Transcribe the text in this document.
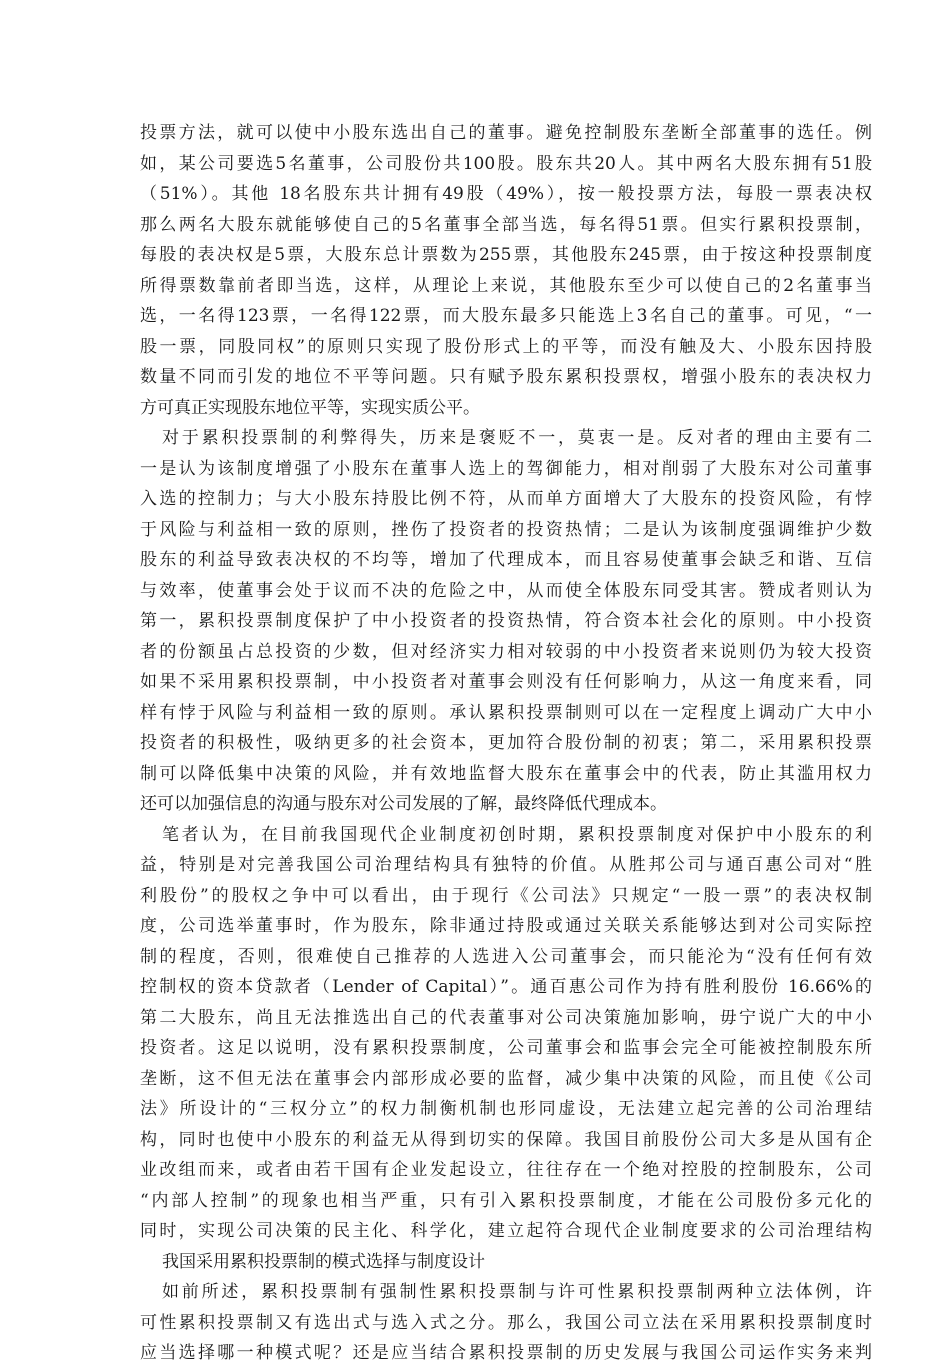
投票方法，就可以使中小股东选出自己的董事。避免控制股东垄断全部董事的选任。例
如，某公司要选5名董事，公司股份共100股。股东共20人。其中两名大股东拥有51股
（51%）。其他 18名股东共计拥有49股（49%），按一般投票方法，每股一票表决权
那么两名大股东就能够使自己的5名董事全部当选，每名得51票。但实行累积投票制，
每股的表决权是5票，大股东总计票数为255票，其他股东245票，由于按这种投票制度
所得票数靠前者即当选，这样，从理论上来说，其他股东至少可以使自己的2名董事当
选，一名得123票，一名得122票，而大股东最多只能选上3名自己的董事。可见，“一
股一票，同股同权”的原则只实现了股份形式上的平等，而没有触及大、小股东因持股
数量不同而引发的地位不平等问题。只有赋予股东累积投票权，增强小股东的表决权力
方可真正实现股东地位平等，实现实质公平。
对于累积投票制的利弊得失，历来是褒贬不一，莫衷一是。反对者的理由主要有二
一是认为该制度增强了小股东在董事人选上的驾御能力，相对削弱了大股东对公司董事
入选的控制力；与大小股东持股比例不符，从而单方面增大了大股东的投资风险，有悖
于风险与利益相一致的原则，挫伤了投资者的投资热情；二是认为该制度强调维护少数
股东的利益导致表决权的不均等，增加了代理成本，而且容易使董事会缺乏和谐、互信
与效率，使董事会处于议而不决的危险之中，从而使全体股东同受其害。赞成者则认为
第一，累积投票制度保护了中小投资者的投资热情，符合资本社会化的原则。中小投资
者的份额虽占总投资的少数，但对经济实力相对较弱的中小投资者来说则仍为较大投资
如果不采用累积投票制，中小投资者对董事会则没有任何影响力，从这一角度来看，同
样有悖于风险与利益相一致的原则。承认累积投票制则可以在一定程度上调动广大中小
投资者的积极性，吸纳更多的社会资本，更加符合股份制的初衷；第二，采用累积投票
制可以降低集中决策的风险，并有效地监督大股东在董事会中的代表，防止其滥用权力
还可以加强信息的沟通与股东对公司发展的了解，最终降低代理成本。
笔者认为，在目前我国现代企业制度初创时期，累积投票制度对保护中小股东的利
益，特别是对完善我国公司治理结构具有独特的价值。从胜邦公司与通百惠公司对“胜
利股份”的股权之争中可以看出，由于现行《公司法》只规定“一股一票”的表决权制
度，公司选举董事时，作为股东，除非通过持股或通过关联关系能够达到对公司实际控
制的程度，否则，很难使自己推荐的人选进入公司董事会，而只能沦为“没有任何有效
控制权的资本贷款者（Lender of Capital）”。通百惠公司作为持有胜利股份 16.66%的
第二大股东，尚且无法推选出自己的代表董事对公司决策施加影响，毋宁说广大的中小
投资者。这足以说明，没有累积投票制度，公司董事会和监事会完全可能被控制股东所
垄断，这不但无法在董事会内部形成必要的监督，减少集中决策的风险，而且使《公司
法》所设计的“三权分立”的权力制衡机制也形同虚设，无法建立起完善的公司治理结
构，同时也使中小股东的利益无从得到切实的保障。我国目前股份公司大多是从国有企
业改组而来，或者由若干国有企业发起设立，往往存在一个绝对控股的控制股东，公司
“内部人控制”的现象也相当严重，只有引入累积投票制度，才能在公司股份多元化的
同时，实现公司决策的民主化、科学化，建立起符合现代企业制度要求的公司治理结构
我国采用累积投票制的模式选择与制度设计
如前所述，累积投票制有强制性累积投票制与许可性累积投票制两种立法体例，许
可性累积投票制又有选出式与选入式之分。那么，我国公司立法在采用累积投票制度时
应当选择哪一种模式呢？还是应当结合累积投票制的历史发展与我国公司运作实务来判
